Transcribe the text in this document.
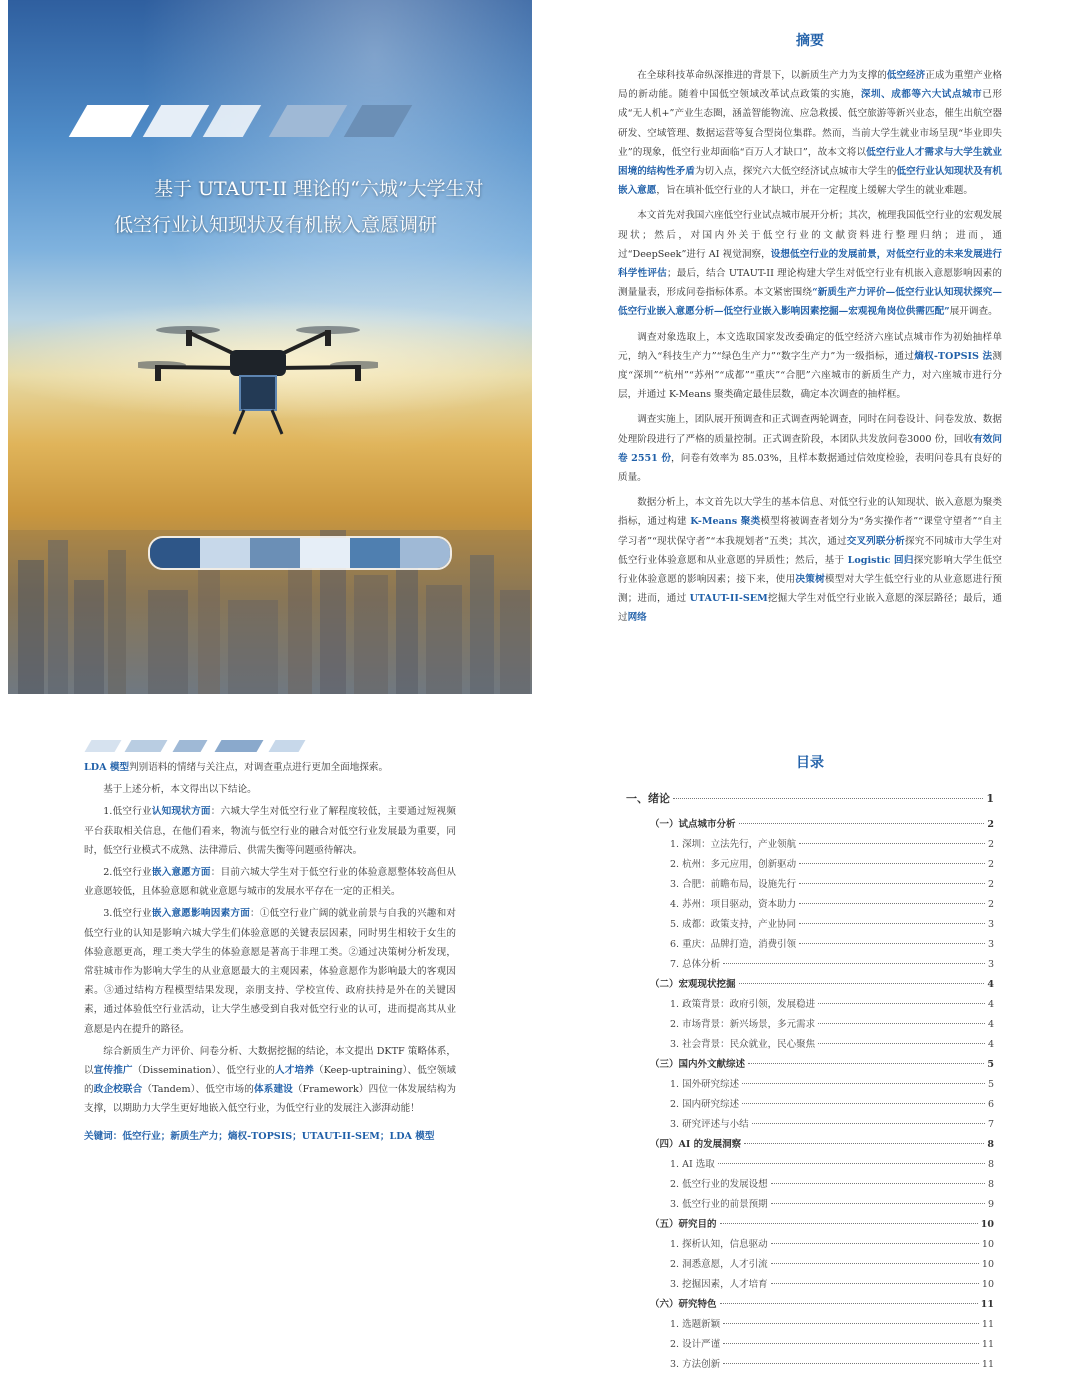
基于 UTAUT-II 理论的“六城”大学生对
低空行业认知现状及有机嵌入意愿调研
摘要

在全球科技革命纵深推进的背景下，以新质生产力为支撑的低空经济正成为重塑产业格局的新动能。随着中国低空领域改革试点政策的实施，深圳、成都等六大试点城市已形成“无人机+”产业生态圈，涵盖智能物流、应急救援、低空旅游等新兴业态，催生出航空器研发、空域管理、数据运营等复合型岗位集群。然而，当前大学生就业市场呈现“毕业即失业”的现象，低空行业却面临“百万人才缺口”，故本文将以低空行业人才需求与大学生就业困境的结构性矛盾为切入点，探究六大低空经济试点城市大学生的低空行业认知现状及有机嵌入意愿，旨在填补低空行业的人才缺口，并在一定程度上缓解大学生的就业难题。

本文首先对我国六座低空行业试点城市展开分析；其次，梳理我国低空行业的宏观发展现状；然后，对国内外关于低空行业的文献资料进行整理归纳；进而，通过“DeepSeek”进行 AI 视觉洞察，设想低空行业的发展前景，对低空行业的未来发展进行科学性评估；最后，结合 UTAUT-II 理论构建大学生对低空行业有机嵌入意愿影响因素的测量量表，形成问卷指标体系。本文紧密围绕“新质生产力评价—低空行业认知现状探究—低空行业嵌入意愿分析—低空行业嵌入影响因素挖掘—宏观视角岗位供需匹配”展开调查。

调查对象选取上，本文选取国家发改委确定的低空经济六座试点城市作为初始抽样单元，纳入“科技生产力”“绿色生产力”“数字生产力”为一级指标，通过熵权-TOPSIS 法测度“深圳”“杭州”“苏州”“成都”“重庆”“合肥”六座城市的新质生产力，对六座城市进行分层，并通过 K-Means 聚类确定最佳层数，确定本次调查的抽样框。

调查实施上，团队展开预调查和正式调查两轮调查，同时在问卷设计、问卷发放、数据处理阶段进行了严格的质量控制。正式调查阶段，本团队共发放问卷3000 份，回收有效问卷 2551 份，问卷有效率为 85.03%，且样本数据通过信效度检验，表明问卷具有良好的质量。

数据分析上，本文首先以大学生的基本信息、对低空行业的认知现状、嵌入意愿为聚类指标，通过构建 K-Means 聚类模型将被调查者划分为“务实操作者”“课堂守望者”“自主学习者”“现状保守者”“本我规划者”五类；其次，通过交叉列联分析探究不同城市大学生对低空行业体验意愿和从业意愿的异质性；然后，基于 Logistic 回归探究影响大学生低空行业体验意愿的影响因素；接下来，使用决策树模型对大学生低空行业的从业意愿进行预测；进而，通过 UTAUT-II-SEM挖掘大学生对低空行业嵌入意愿的深层路径；最后，通过网络

LDA 模型判别语料的情绪与关注点，对调查重点进行更加全面地探索。

基于上述分析，本文得出以下结论。

1.低空行业认知现状方面：六城大学生对低空行业了解程度较低，主要通过短视频平台获取相关信息，在他们看来，物流与低空行业的融合对低空行业发展最为重要，同时，低空行业模式不成熟、法律滞后、供需失衡等问题亟待解决。

2.低空行业嵌入意愿方面：目前六城大学生对于低空行业的体验意愿整体较高但从业意愿较低，且体验意愿和就业意愿与城市的发展水平存在一定的正相关。

3.低空行业嵌入意愿影响因素方面：①低空行业广阔的就业前景与自我的兴趣和对低空行业的认知是影响六城大学生们体验意愿的关键表层因素，同时男生相较于女生的体验意愿更高，理工类大学生的体验意愿是著高于非理工类。②通过决策树分析发现，常驻城市作为影响大学生的从业意愿最大的主观因素，体验意愿作为影响最大的客观因素。③通过结构方程模型结果发现，亲朋支持、学校宣传、政府扶持是外在的关键因素，通过体验低空行业活动，让大学生感受到自我对低空行业的认可，进而提高其从业意愿是内在提升的路径。

综合新质生产力评价、问卷分析、大数据挖掘的结论，本文提出 DKTF 策略体系，以宣传推广（Dissemination）、低空行业的人才培养（Keep-uptraining）、低空领域的政企校联合（Tandem）、低空市场的体系建设（Framework）四位一体发展结构为支撑，以期助力大学生更好地嵌入低空行业，为低空行业的发展注入澎湃动能！

关键词：低空行业；新质生产力；熵权-TOPSIS；UTAUT-II-SEM；LDA 模型

目录
一、绪论	1
（一）试点城市分析	2
1. 深圳：立法先行，产业领航	2
2. 杭州：多元应用，创新驱动	2
3. 合肥：前瞻布局，设施先行	2
4. 苏州：项目驱动，资本助力	2
5. 成都：政策支持，产业协同	3
6. 重庆：品牌打造，消费引领	3
7. 总体分析	3
（二）宏观现状挖掘	4
1. 政策背景：政府引领，发展稳进	4
2. 市场背景：新兴场景，多元需求	4
3. 社会背景：民众就业，民心聚焦	4
（三）国内外文献综述	5
1. 国外研究综述	5
2. 国内研究综述	6
3. 研究评述与小结	7
（四）AI 的发展洞察	8
1. AI 选取	8
2. 低空行业的发展设想	8
3. 低空行业的前景预期	9
（五）研究目的	10
1. 探析认知，信息驱动	10
2. 洞悉意愿，人才引流	10
3. 挖掘因素，人才培育	10
（六）研究特色	11
1. 选题新颖	11
2. 设计严谨	11
3. 方法创新	11
